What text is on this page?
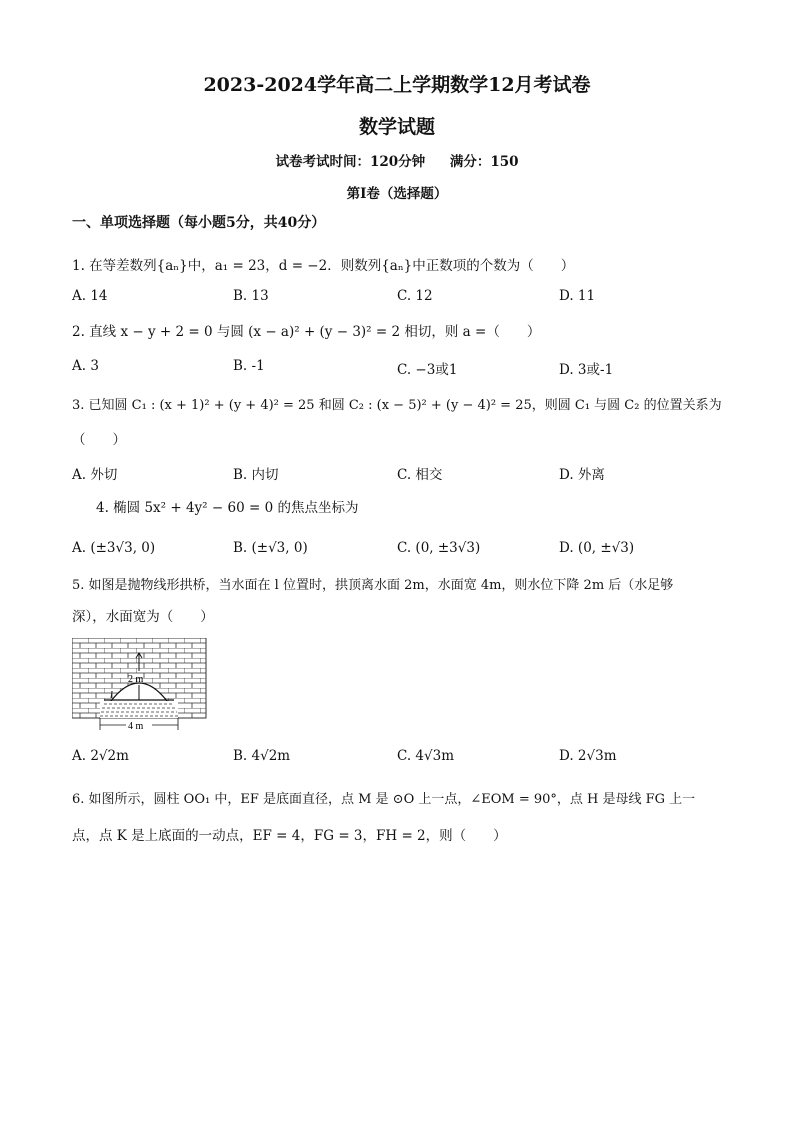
2023-2024学年高二上学期数学12月考试卷
数学试题
试卷考试时间：120分钟 满分：150
第I卷（选择题）
一、单项选择题（每小题5分，共40分）
1. 在等差数列{aₙ}中，a₁ = 23，d = −2．则数列{aₙ}中正数项的个数为（　　）
A. 14	B. 13	C. 12	D. 11
2. 直线 x − y + 2 = 0 与圆 (x − a)² + (y − 3)² = 2 相切，则 a =（　　）
A. 3	B. -1	C. −3或1	D. 3或-1
3. 已知圆 C₁ : (x + 1)² + (y + 4)² = 25 和圆 C₂ : (x − 5)² + (y − 4)² = 25，则圆 C₁ 与圆 C₂ 的位置关系为
（　　）
A. 外切	B. 内切	C. 相交	D. 外离
4. 椭圆 5x² + 4y² − 60 = 0 的焦点坐标为
A. (±3√3, 0)	B. (±√3, 0)	C. (0, ±3√3)	D. (0, ±√3)
5. 如图是抛物线形拱桥，当水面在 l 位置时，拱顶离水面 2m，水面宽 4m，则水位下降 2m 后（水足够
深），水面宽为（　　）
2 m
l
4 m
A. 2√2m	B. 4√2m	C. 4√3m	D. 2√3m
6. 如图所示，圆柱 OO₁ 中，EF 是底面直径，点 M 是 ⊙O 上一点，∠EOM = 90°，点 H 是母线 FG 上一
点，点 K 是上底面的一动点，EF = 4，FG = 3，FH = 2，则（　　）
